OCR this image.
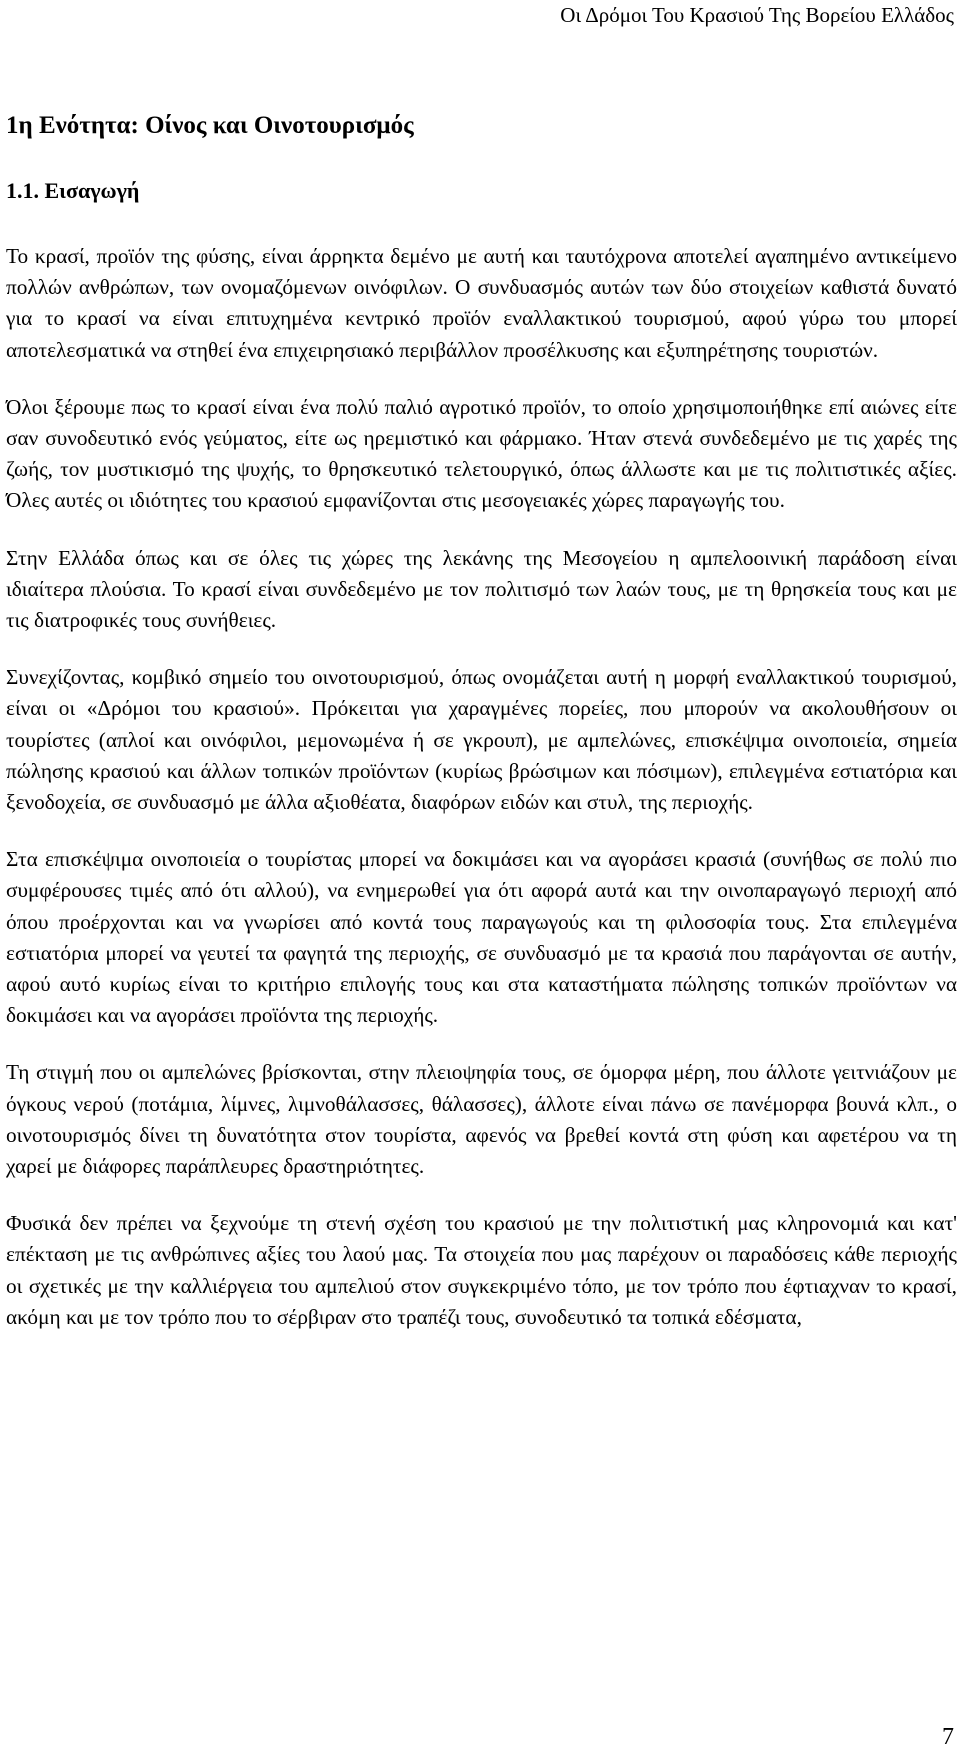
Οι Δρόμοι Του Κρασιού Της Βορείου Ελλάδος
1η Ενότητα: Οίνος και Οινοτουρισμός
1.1. Εισαγωγή

Το κρασί, προϊόν της φύσης, είναι άρρηκτα δεμένο με αυτή και ταυτόχρονα αποτελεί αγαπημένο αντικείμενο πολλών ανθρώπων, των ονομαζόμενων οινόφιλων. Ο συνδυασμός αυτών των δύο στοιχείων καθιστά δυνατό για το κρασί να είναι επιτυχημένα κεντρικό προϊόν εναλλακτικού τουρισμού, αφού γύρω του μπορεί αποτελεσματικά να στηθεί ένα επιχειρησιακό περιβάλλον προσέλκυσης και εξυπηρέτησης τουριστών.

Όλοι ξέρουμε πως το κρασί είναι ένα πολύ παλιό αγροτικό προϊόν, το οποίο χρησιμοποιήθηκε επί αιώνες είτε σαν συνοδευτικό ενός γεύματος, είτε ως ηρεμιστικό και φάρμακο. Ήταν στενά συνδεδεμένο με τις χαρές της ζωής, τον μυστικισμό της ψυχής, το θρησκευτικό τελετουργικό, όπως άλλωστε και με τις πολιτιστικές αξίες. Όλες αυτές οι ιδιότητες του κρασιού εμφανίζονται στις μεσογειακές χώρες παραγωγής του.

Στην Ελλάδα όπως και σε όλες τις χώρες της λεκάνης της Μεσογείου η αμπελοοινική παράδοση είναι ιδιαίτερα πλούσια. Το κρασί είναι συνδεδεμένο με τον πολιτισμό των λαών τους, με τη θρησκεία τους και με τις διατροφικές τους συνήθειες.

Συνεχίζοντας, κομβικό σημείο του οινοτουρισμού, όπως ονομάζεται αυτή η μορφή εναλλακτικού τουρισμού, είναι οι «Δρόμοι του κρασιού». Πρόκειται για χαραγμένες πορείες, που μπορούν να ακολουθήσουν οι τουρίστες (απλοί και οινόφιλοι, μεμονωμένα ή σε γκρουπ), με αμπελώνες, επισκέψιμα οινοποιεία, σημεία πώλησης κρασιού και άλλων τοπικών προϊόντων (κυρίως βρώσιμων και πόσιμων), επιλεγμένα εστιατόρια και ξενοδοχεία, σε συνδυασμό με άλλα αξιοθέατα, διαφόρων ειδών και στυλ, της περιοχής.

Στα επισκέψιμα οινοποιεία ο τουρίστας μπορεί να δοκιμάσει και να αγοράσει κρασιά (συνήθως σε πολύ πιο συμφέρουσες τιμές από ότι αλλού), να ενημερωθεί για ότι αφορά αυτά και την οινοπαραγωγό περιοχή από όπου προέρχονται και να γνωρίσει από κοντά τους παραγωγούς και τη φιλοσοφία τους. Στα επιλεγμένα εστιατόρια μπορεί να γευτεί τα φαγητά της περιοχής, σε συνδυασμό με τα κρασιά που παράγονται σε αυτήν, αφού αυτό κυρίως είναι το κριτήριο επιλογής τους και στα καταστήματα πώλησης τοπικών προϊόντων να δοκιμάσει και να αγοράσει προϊόντα της περιοχής.

Τη στιγμή που οι αμπελώνες βρίσκονται, στην πλειοψηφία τους, σε όμορφα μέρη, που άλλοτε γειτνιάζουν με όγκους νερού (ποτάμια, λίμνες, λιμνοθάλασσες, θάλασσες), άλλοτε είναι πάνω σε πανέμορφα βουνά κλπ., ο οινοτουρισμός δίνει τη δυνατότητα στον τουρίστα, αφενός να βρεθεί κοντά στη φύση και αφετέρου να τη χαρεί με διάφορες παράπλευρες δραστηριότητες.

Φυσικά δεν πρέπει να ξεχνούμε τη στενή σχέση του κρασιού με την πολιτιστική μας κληρονομιά και κατ' επέκταση με τις ανθρώπινες αξίες του λαού μας. Τα στοιχεία που μας παρέχουν οι παραδόσεις κάθε περιοχής οι σχετικές με την καλλιέργεια του αμπελιού στον συγκεκριμένο τόπο, με τον τρόπο που έφτιαχναν το κρασί, ακόμη και με τον τρόπο που το σέρβιραν στο τραπέζι τους, συνοδευτικό τα τοπικά εδέσματα,

7
